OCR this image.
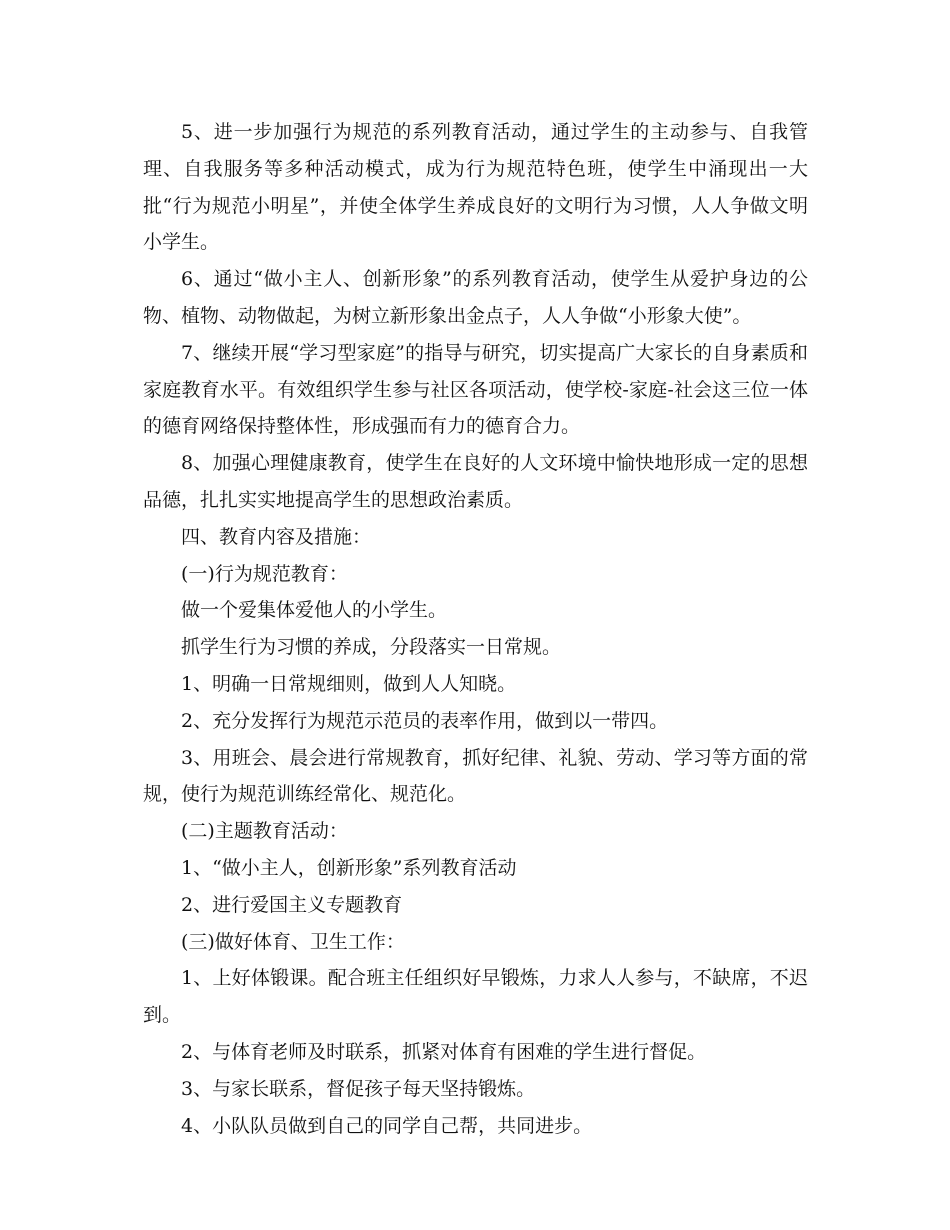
5、进一步加强行为规范的系列教育活动，通过学生的主动参与、自我管理、自我服务等多种活动模式，成为行为规范特色班，使学生中涌现出一大批“行为规范小明星”，并使全体学生养成良好的文明行为习惯，人人争做文明小学生。

6、通过“做小主人、创新形象”的系列教育活动，使学生从爱护身边的公物、植物、动物做起，为树立新形象出金点子，人人争做“小形象大使”。

7、继续开展“学习型家庭”的指导与研究，切实提高广大家长的自身素质和家庭教育水平。有效组织学生参与社区各项活动，使学校-家庭-社会这三位一体的德育网络保持整体性，形成强而有力的德育合力。

8、加强心理健康教育，使学生在良好的人文环境中愉快地形成一定的思想品德，扎扎实实地提高学生的思想政治素质。

四、教育内容及措施：

(一)行为规范教育：

做一个爱集体爱他人的小学生。

抓学生行为习惯的养成，分段落实一日常规。

1、明确一日常规细则，做到人人知晓。

2、充分发挥行为规范示范员的表率作用，做到以一带四。

3、用班会、晨会进行常规教育，抓好纪律、礼貌、劳动、学习等方面的常规，使行为规范训练经常化、规范化。

(二)主题教育活动：

1、“做小主人，创新形象”系列教育活动

2、进行爱国主义专题教育

(三)做好体育、卫生工作：

1、上好体锻课。配合班主任组织好早锻炼，力求人人参与，不缺席，不迟到。

2、与体育老师及时联系，抓紧对体育有困难的学生进行督促。

3、与家长联系，督促孩子每天坚持锻炼。

4、小队队员做到自己的同学自己帮，共同进步。
